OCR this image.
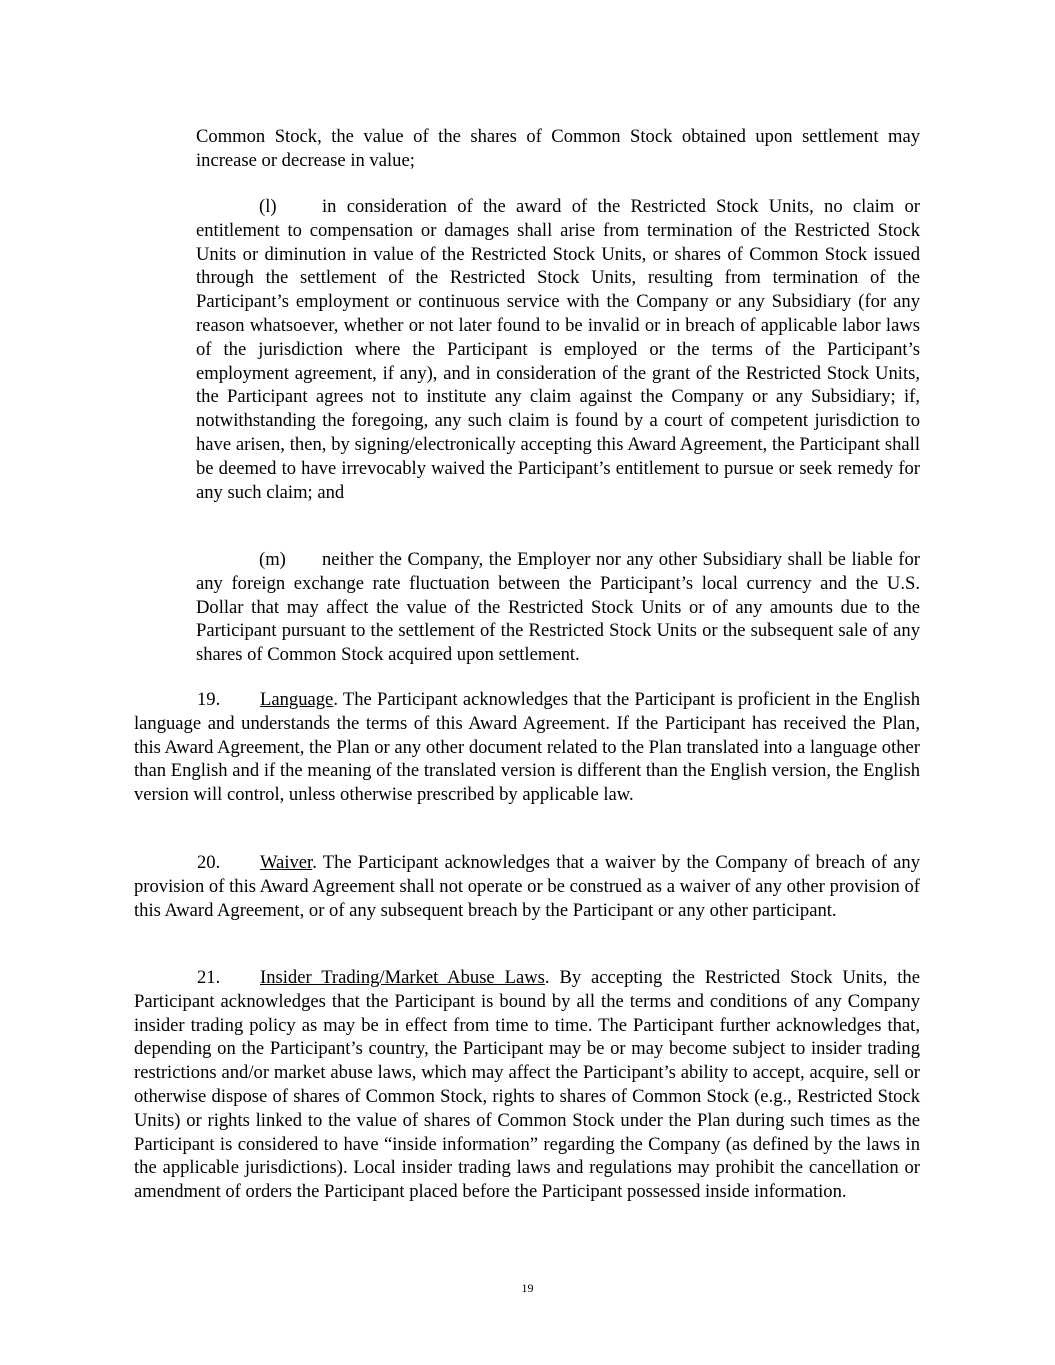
Common Stock, the value of the shares of Common Stock obtained upon settlement may increase or decrease in value;

(l) in consideration of the award of the Restricted Stock Units, no claim or entitlement to compensation or damages shall arise from termination of the Restricted Stock Units or diminution in value of the Restricted Stock Units, or shares of Common Stock issued through the settlement of the Restricted Stock Units, resulting from termination of the Participant’s employment or continuous service with the Company or any Subsidiary (for any reason whatsoever, whether or not later found to be invalid or in breach of applicable labor laws of the jurisdiction where the Participant is employed or the terms of the Participant’s employment agreement, if any), and in consideration of the grant of the Restricted Stock Units, the Participant agrees not to institute any claim against the Company or any Subsidiary; if, notwithstanding the foregoing, any such claim is found by a court of competent jurisdiction to have arisen, then, by signing/electronically accepting this Award Agreement, the Participant shall be deemed to have irrevocably waived the Participant’s entitlement to pursue or seek remedy for any such claim; and

(m) neither the Company, the Employer nor any other Subsidiary shall be liable for any foreign exchange rate fluctuation between the Participant’s local currency and the U.S. Dollar that may affect the value of the Restricted Stock Units or of any amounts due to the Participant pursuant to the settlement of the Restricted Stock Units or the subsequent sale of any shares of Common Stock acquired upon settlement.

19. Language. The Participant acknowledges that the Participant is proficient in the English language and understands the terms of this Award Agreement. If the Participant has received the Plan, this Award Agreement, the Plan or any other document related to the Plan translated into a language other than English and if the meaning of the translated version is different than the English version, the English version will control, unless otherwise prescribed by applicable law.

20. Waiver. The Participant acknowledges that a waiver by the Company of breach of any provision of this Award Agreement shall not operate or be construed as a waiver of any other provision of this Award Agreement, or of any subsequent breach by the Participant or any other participant.

21. Insider Trading/Market Abuse Laws. By accepting the Restricted Stock Units, the Participant acknowledges that the Participant is bound by all the terms and conditions of any Company insider trading policy as may be in effect from time to time. The Participant further acknowledges that, depending on the Participant’s country, the Participant may be or may become subject to insider trading restrictions and/or market abuse laws, which may affect the Participant’s ability to accept, acquire, sell or otherwise dispose of shares of Common Stock, rights to shares of Common Stock (e.g., Restricted Stock Units) or rights linked to the value of shares of Common Stock under the Plan during such times as the Participant is considered to have “inside information” regarding the Company (as defined by the laws in the applicable jurisdictions). Local insider trading laws and regulations may prohibit the cancellation or amendment of orders the Participant placed before the Participant possessed inside information.

19
